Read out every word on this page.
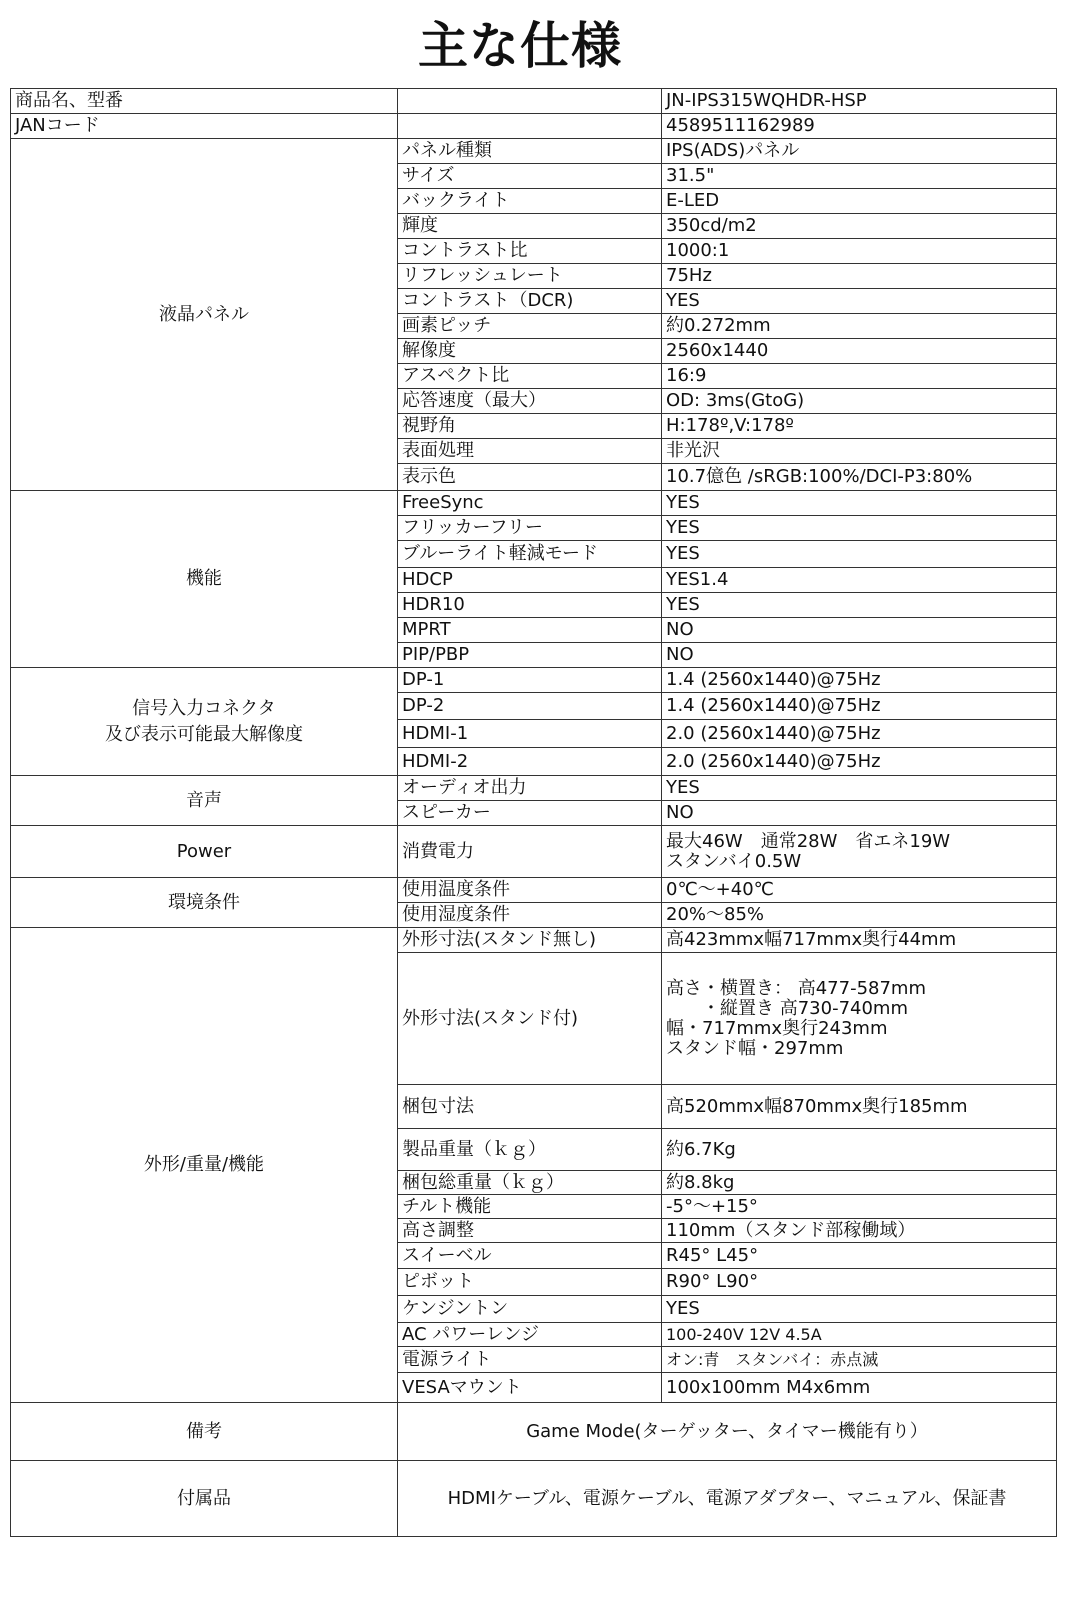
主な仕様
商品名、型番		JN-IPS315WQHDR-HSP
JANコード		4589511162989
液晶パネル	パネル種類	IPS(ADS)パネル
	サイズ	31.5"
	バックライト	E-LED
	輝度	350cd/m2
	コントラスト比	1000:1
	リフレッシュレート	75Hz
	コントラスト（DCR)	YES
	画素ピッチ	約0.272mm
	解像度	2560x1440
	アスペクト比	16:9
	応答速度（最大）	OD: 3ms(GtoG)
	視野角	H:178º,V:178º
	表面処理	非光沢
	表示色	10.7億色 /sRGB:100%/DCI-P3:80%
機能	FreeSync	YES
	フリッカーフリー	YES
	ブルーライト軽減モード	YES
	HDCP	YES1.4
	HDR10	YES
	MPRT	NO
	PIP/PBP	NO

信号入力コネクタ
及び表示可能最大解像度	DP-1	1.4 (2560x1440)@75Hz
	DP-2	1.4 (2560x1440)@75Hz
	HDMI-1	2.0 (2560x1440)@75Hz
	HDMI-2	2.0 (2560x1440)@75Hz
音声	オーディオ出力	YES
	スピーカー	NO
Power	消費電力	最大46W　通常28W　省エネ19W
スタンバイ0.5W

環境条件	使用温度条件	0℃～+40℃
	使用湿度条件	20%～85%
外形/重量/機能	外形寸法(スタンド無し)	高423mmx幅717mmx奥行44mm
	外形寸法(スタンド付)	高さ・横置き： 高477-587mm
・縦置き 高730-740mm
幅・717mmx奥行243mm
スタンド幅・297mm

	梱包寸法	高520mmx幅870mmx奥行185mm
	製品重量（ｋｇ）	約6.7Kg
	梱包総重量（ｋｇ）	約8.8kg
	チルト機能	-5°～+15°
	高さ調整	110mm（スタンド部稼働域）
	スイーベル	R45° L45°
	ピボット	R90° L90°
	ケンジントン	YES
	AC パワーレンジ	100-240V 12V 4.5A
	電源ライト	オン:青　スタンバイ：赤点滅
	VESAマウント	100x100mm M4x6mm
備考	Game Mode(ターゲッター、タイマー機能有り）	
付属品	HDMIケーブル、電源ケーブル、電源アダプター、マニュアル、保証書	
